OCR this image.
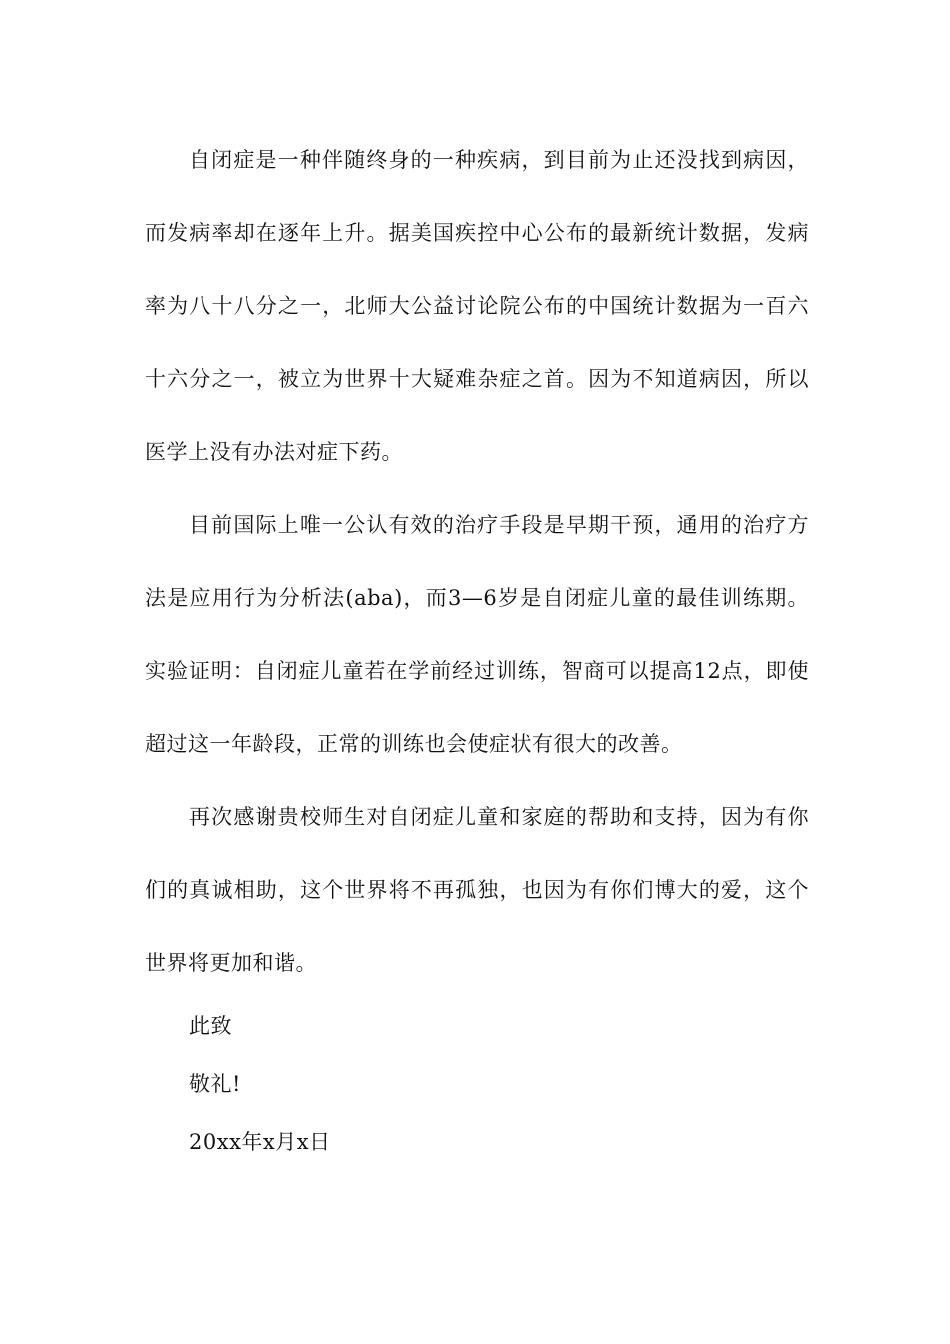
自闭症是一种伴随终身的一种疾病，到目前为止还没找到病因，而发病率却在逐年上升。据美国疾控中心公布的最新统计数据，发病率为八十八分之一，北师大公益讨论院公布的中国统计数据为一百六十六分之一，被立为世界十大疑难杂症之首。因为不知道病因，所以医学上没有办法对症下药。

目前国际上唯一公认有效的治疗手段是早期干预，通用的治疗方法是应用行为分析法(aba)，而3—6岁是自闭症儿童的最佳训练期。实验证明：自闭症儿童若在学前经过训练，智商可以提高12点，即使超过这一年龄段，正常的训练也会使症状有很大的改善。

再次感谢贵校师生对自闭症儿童和家庭的帮助和支持，因为有你们的真诚相助，这个世界将不再孤独，也因为有你们博大的爱，这个世界将更加和谐。

此致

敬礼!

20xx年x月x日
